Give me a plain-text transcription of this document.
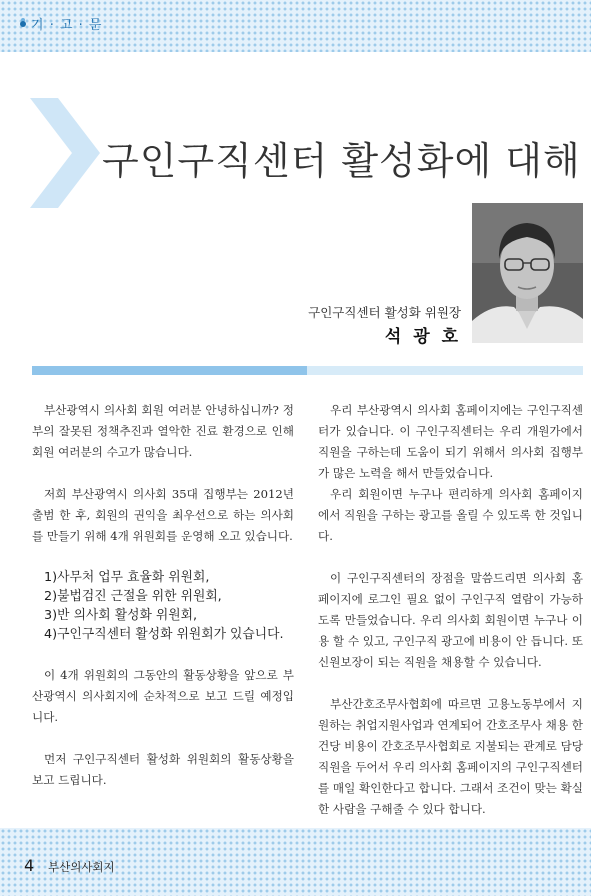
기 · 고 · 문
구인구직센터 활성화에 대해
구인구직센터 활성화 위원장
석 광 호

부산광역시 의사회 회원 여러분 안녕하십니까? 정부의 잘못된 정책추진과 열악한 진료 환경으로 인해 회원 여러분의 수고가 많습니다.

저희 부산광역시 의사회 35대 집행부는 2012년 출범 한 후, 회원의 권익을 최우선으로 하는 의사회를 만들기 위해 4개 위원회를 운영해 오고 있습니다.

1)사무처 업무 효율화 위원회,
2)불법검진 근절을 위한 위원회,
3)반 의사회 활성화 위원회,
4)구인구직센터 활성화 위원회가 있습니다.

이 4개 위원회의 그동안의 활동상황을 앞으로 부산광역시 의사회지에 순차적으로 보고 드릴 예정입니다.

먼저 구인구직센터 활성화 위원회의 활동상황을 보고 드립니다.

우리 부산광역시 의사회 홈페이지에는 구인구직센터가 있습니다. 이 구인구직센터는 우리 개원가에서 직원을 구하는데 도움이 되기 위해서 의사회 집행부가 많은 노력을 해서 만들었습니다.

우리 회원이면 누구나 편리하게 의사회 홈페이지에서 직원을 구하는 광고를 올릴 수 있도록 한 것입니다.

이 구인구직센터의 장점을 말씀드리면 의사회 홈페이지에 로그인 필요 없이 구인구직 열람이 가능하도록 만들었습니다. 우리 의사회 회원이면 누구나 이용 할 수 있고, 구인구직 광고에 비용이 안 듭니다. 또 신원보장이 되는 직원을 채용할 수 있습니다.

부산간호조무사협회에 따르면 고용노동부에서 지원하는 취업지원사업과 연계되어 간호조무사 채용 한 건당 비용이 간호조무사협회로 지불되는 관계로 담당직원을 두어서 우리 의사회 홈페이지의 구인구직센터를 매일 확인한다고 합니다. 그래서 조건이 맞는 확실한 사람을 구해줄 수 있다 합니다.

4 부산의사회지
